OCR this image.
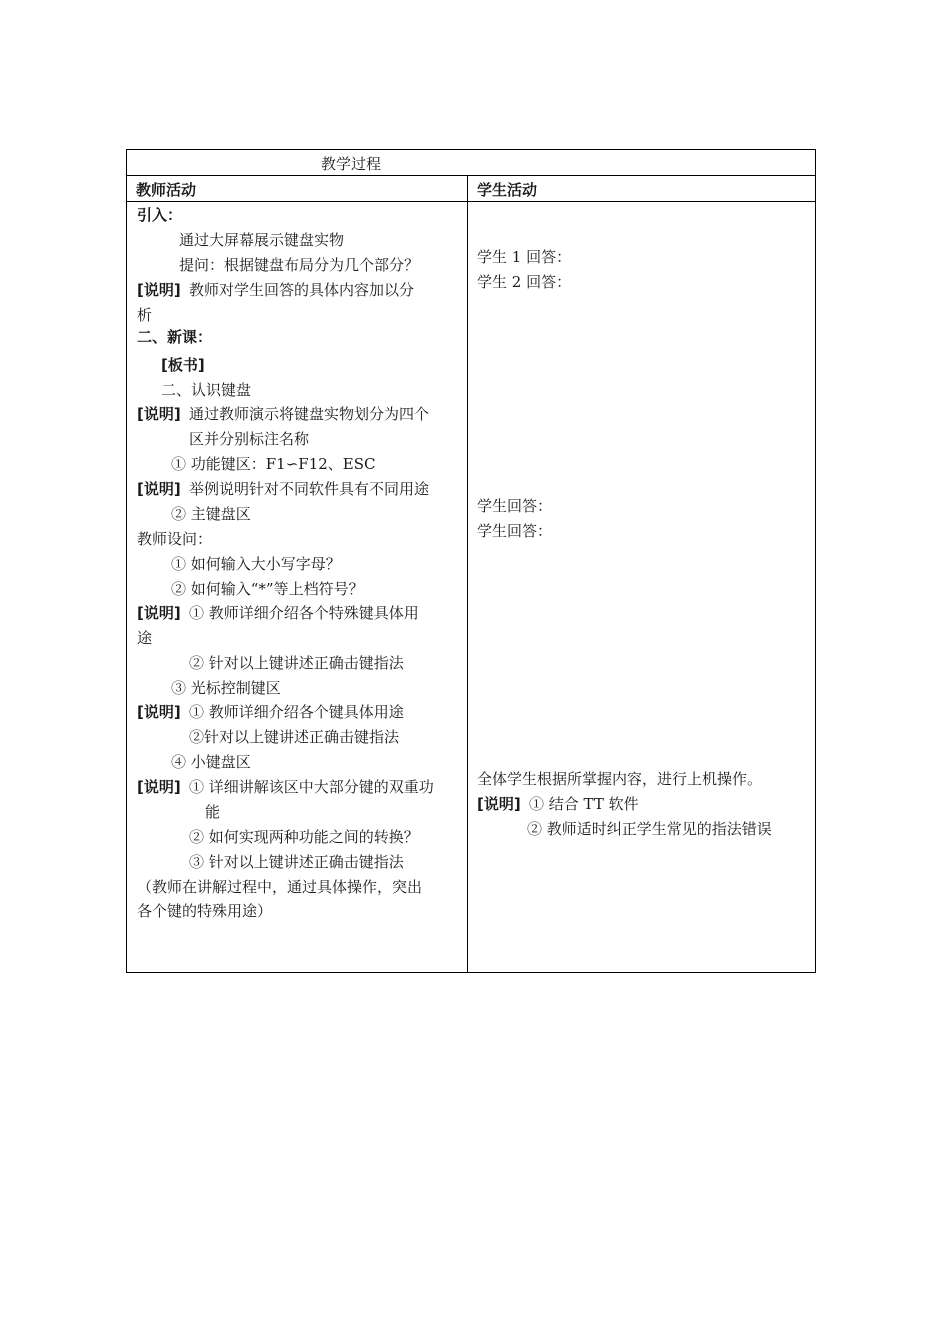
教学过程
教师活动	学生活动
引入：
通过大屏幕展示键盘实物
提问：根据键盘布局分为几个部分？
[说明] 教师对学生回答的具体内容加以分
析
二、新课：
[板书]
二、认识键盘
[说明] 通过教师演示将键盘实物划分为四个
区并分别标注名称
① 功能键区：F1∽F12、ESC
[说明] 举例说明针对不同软件具有不同用途
② 主键盘区
教师设问：
① 如何输入大小写字母？
② 如何输入“*”等上档符号？
[说明] ① 教师详细介绍各个特殊键具体用
途
② 针对以上键讲述正确击键指法
③ 光标控制键区
[说明] ① 教师详细介绍各个键具体用途
②针对以上键讲述正确击键指法
④ 小键盘区
[说明] ① 详细讲解该区中大部分键的双重功
能
② 如何实现两种功能之间的转换？
③ 针对以上键讲述正确击键指法
（教师在讲解过程中，通过具体操作，突出
各个键的特殊用途）
学生 1 回答：
学生 2 回答：
学生回答：
学生回答：
全体学生根据所掌握内容，进行上机操作。
[说明] ① 结合 TT 软件
② 教师适时纠正学生常见的指法错误
